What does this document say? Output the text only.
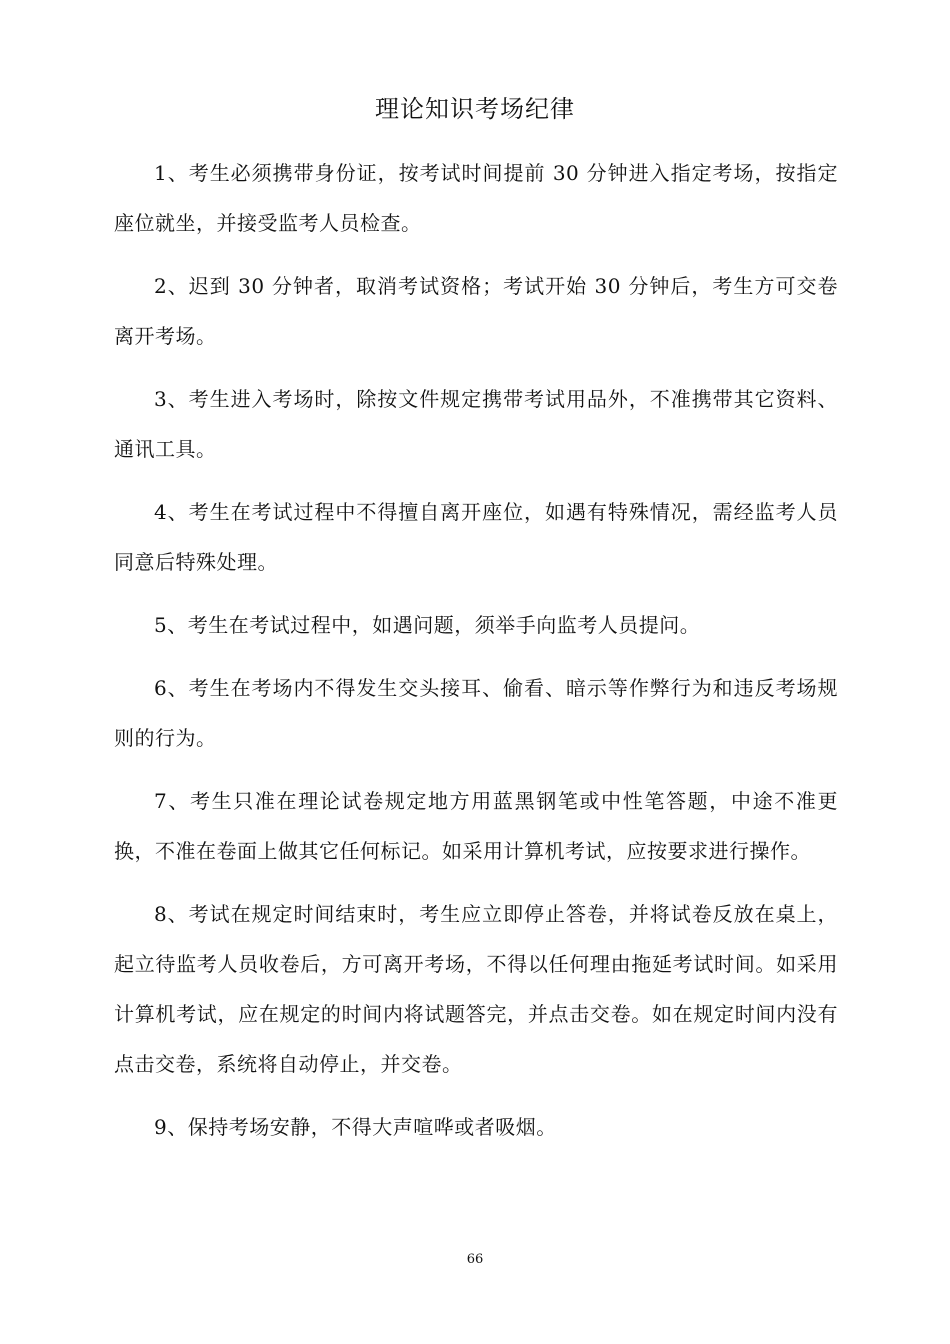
理论知识考场纪律

1、考生必须携带身份证，按考试时间提前 30 分钟进入指定考场，按指定座位就坐，并接受监考人员检查。

2、迟到 30 分钟者，取消考试资格；考试开始 30 分钟后，考生方可交卷离开考场。

3、考生进入考场时，除按文件规定携带考试用品外，不准携带其它资料、通讯工具。

4、考生在考试过程中不得擅自离开座位，如遇有特殊情况，需经监考人员同意后特殊处理。

5、考生在考试过程中，如遇问题，须举手向监考人员提问。

6、考生在考场内不得发生交头接耳、偷看、暗示等作弊行为和违反考场规则的行为。

7、考生只准在理论试卷规定地方用蓝黑钢笔或中性笔答题，中途不准更换，不准在卷面上做其它任何标记。如采用计算机考试，应按要求进行操作。

8、考试在规定时间结束时，考生应立即停止答卷，并将试卷反放在桌上，起立待监考人员收卷后，方可离开考场，不得以任何理由拖延考试时间。如采用计算机考试，应在规定的时间内将试题答完，并点击交卷。如在规定时间内没有点击交卷，系统将自动停止，并交卷。

9、保持考场安静，不得大声喧哗或者吸烟。

66
